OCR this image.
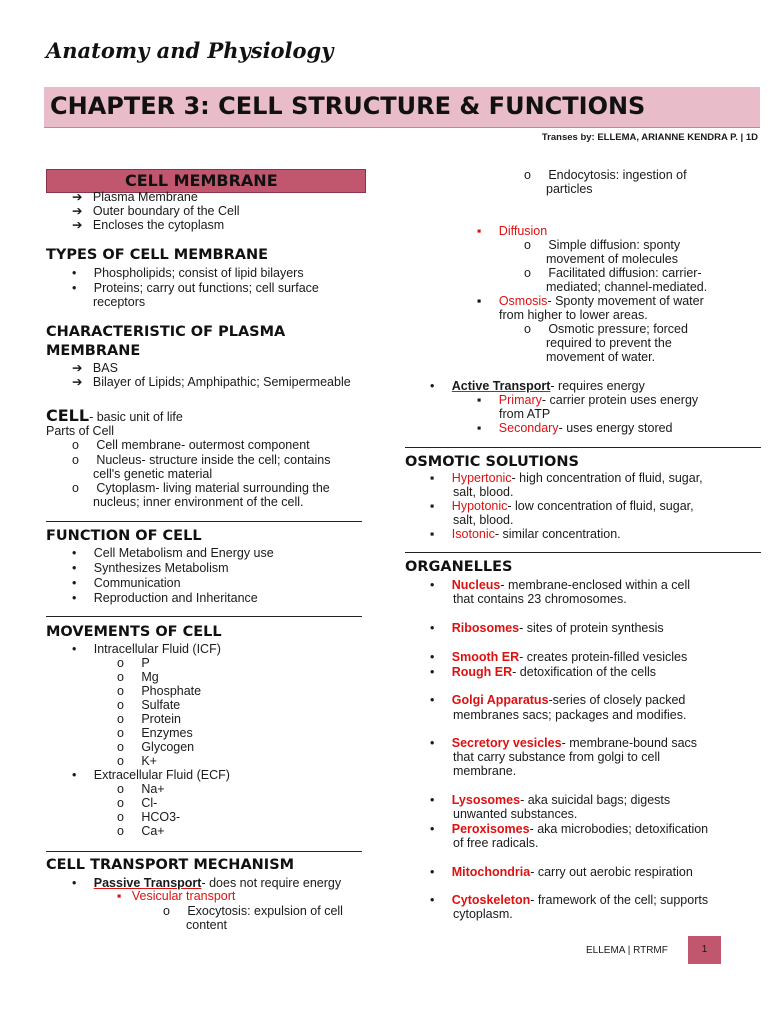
Anatomy and Physiology
CHAPTER 3: CELL STRUCTURE & FUNCTIONS
Transes by: ELLEMA, ARIANNE KENDRA P. | 1D
CELL MEMBRANE
➔   Plasma Membrane
➔   Outer boundary of the Cell
➔   Encloses the cytoplasm
TYPES OF CELL MEMBRANE
•     Phospholipids; consist of lipid bilayers
•     Proteins; carry out functions; cell surface
receptors
CHARACTERISTIC OF PLASMA
MEMBRANE
➔   BAS
➔   Bilayer of Lipids; Amphipathic; Semipermeable
CELL- basic unit of life
Parts of Cell
o     Cell membrane- outermost component
o     Nucleus- structure inside the cell; contains
cell's genetic material
o     Cytoplasm- living material surrounding the
nucleus; inner environment of the cell.
FUNCTION OF CELL
•     Cell Metabolism and Energy use
•     Synthesizes Metabolism
•     Communication
•     Reproduction and Inheritance
MOVEMENTS OF CELL
•     Intracellular Fluid (ICF)
o     P
o     Mg
o     Phosphate
o     Sulfate
o     Protein
o     Enzymes
o     Glycogen
o     K+
•     Extracellular Fluid (ECF)
o     Na+
o     Cl-
o     HCO3-
o     Ca+
CELL TRANSPORT MECHANISM
•     Passive Transport- does not require energy
▪   Vesicular transport
o     Exocytosis: expulsion of cell
content
o     Endocytosis: ingestion of
particles
▪     Diffusion
o     Simple diffusion: sponty
movement of molecules
o     Facilitated diffusion: carrier-
mediated; channel-mediated.
▪ Osmosis- Sponty movement of water
from higher to lower areas.
o     Osmotic pressure; forced
required to prevent the
movement of water.
•     Active Transport- requires energy
▪     Primary- carrier protein uses energy
from ATP
▪     Secondary- uses energy stored
OSMOTIC SOLUTIONS
▪     Hypertonic- high concentration of fluid, sugar,
salt, blood.
▪     Hypotonic- low concentration of fluid, sugar,
salt, blood.
▪     Isotonic- similar concentration.
ORGANELLES
•     Nucleus- membrane-enclosed within a cell
that contains 23 chromosomes.
•     Ribosomes- sites of protein synthesis
•     Smooth ER- creates protein-filled vesicles
•     Rough ER- detoxification of the cells
•     Golgi Apparatus-series of closely packed
membranes sacs; packages and modifies.
•     Secretory vesicles- membrane-bound sacs
that carry substance from golgi to cell
membrane.
•     Lysosomes- aka suicidal bags; digests
unwanted substances.
•     Peroxisomes- aka microbodies; detoxification
of free radicals.
•     Mitochondria- carry out aerobic respiration
•     Cytoskeleton- framework of the cell; supports
cytoplasm.
ELLEMA | RTRMF	1
